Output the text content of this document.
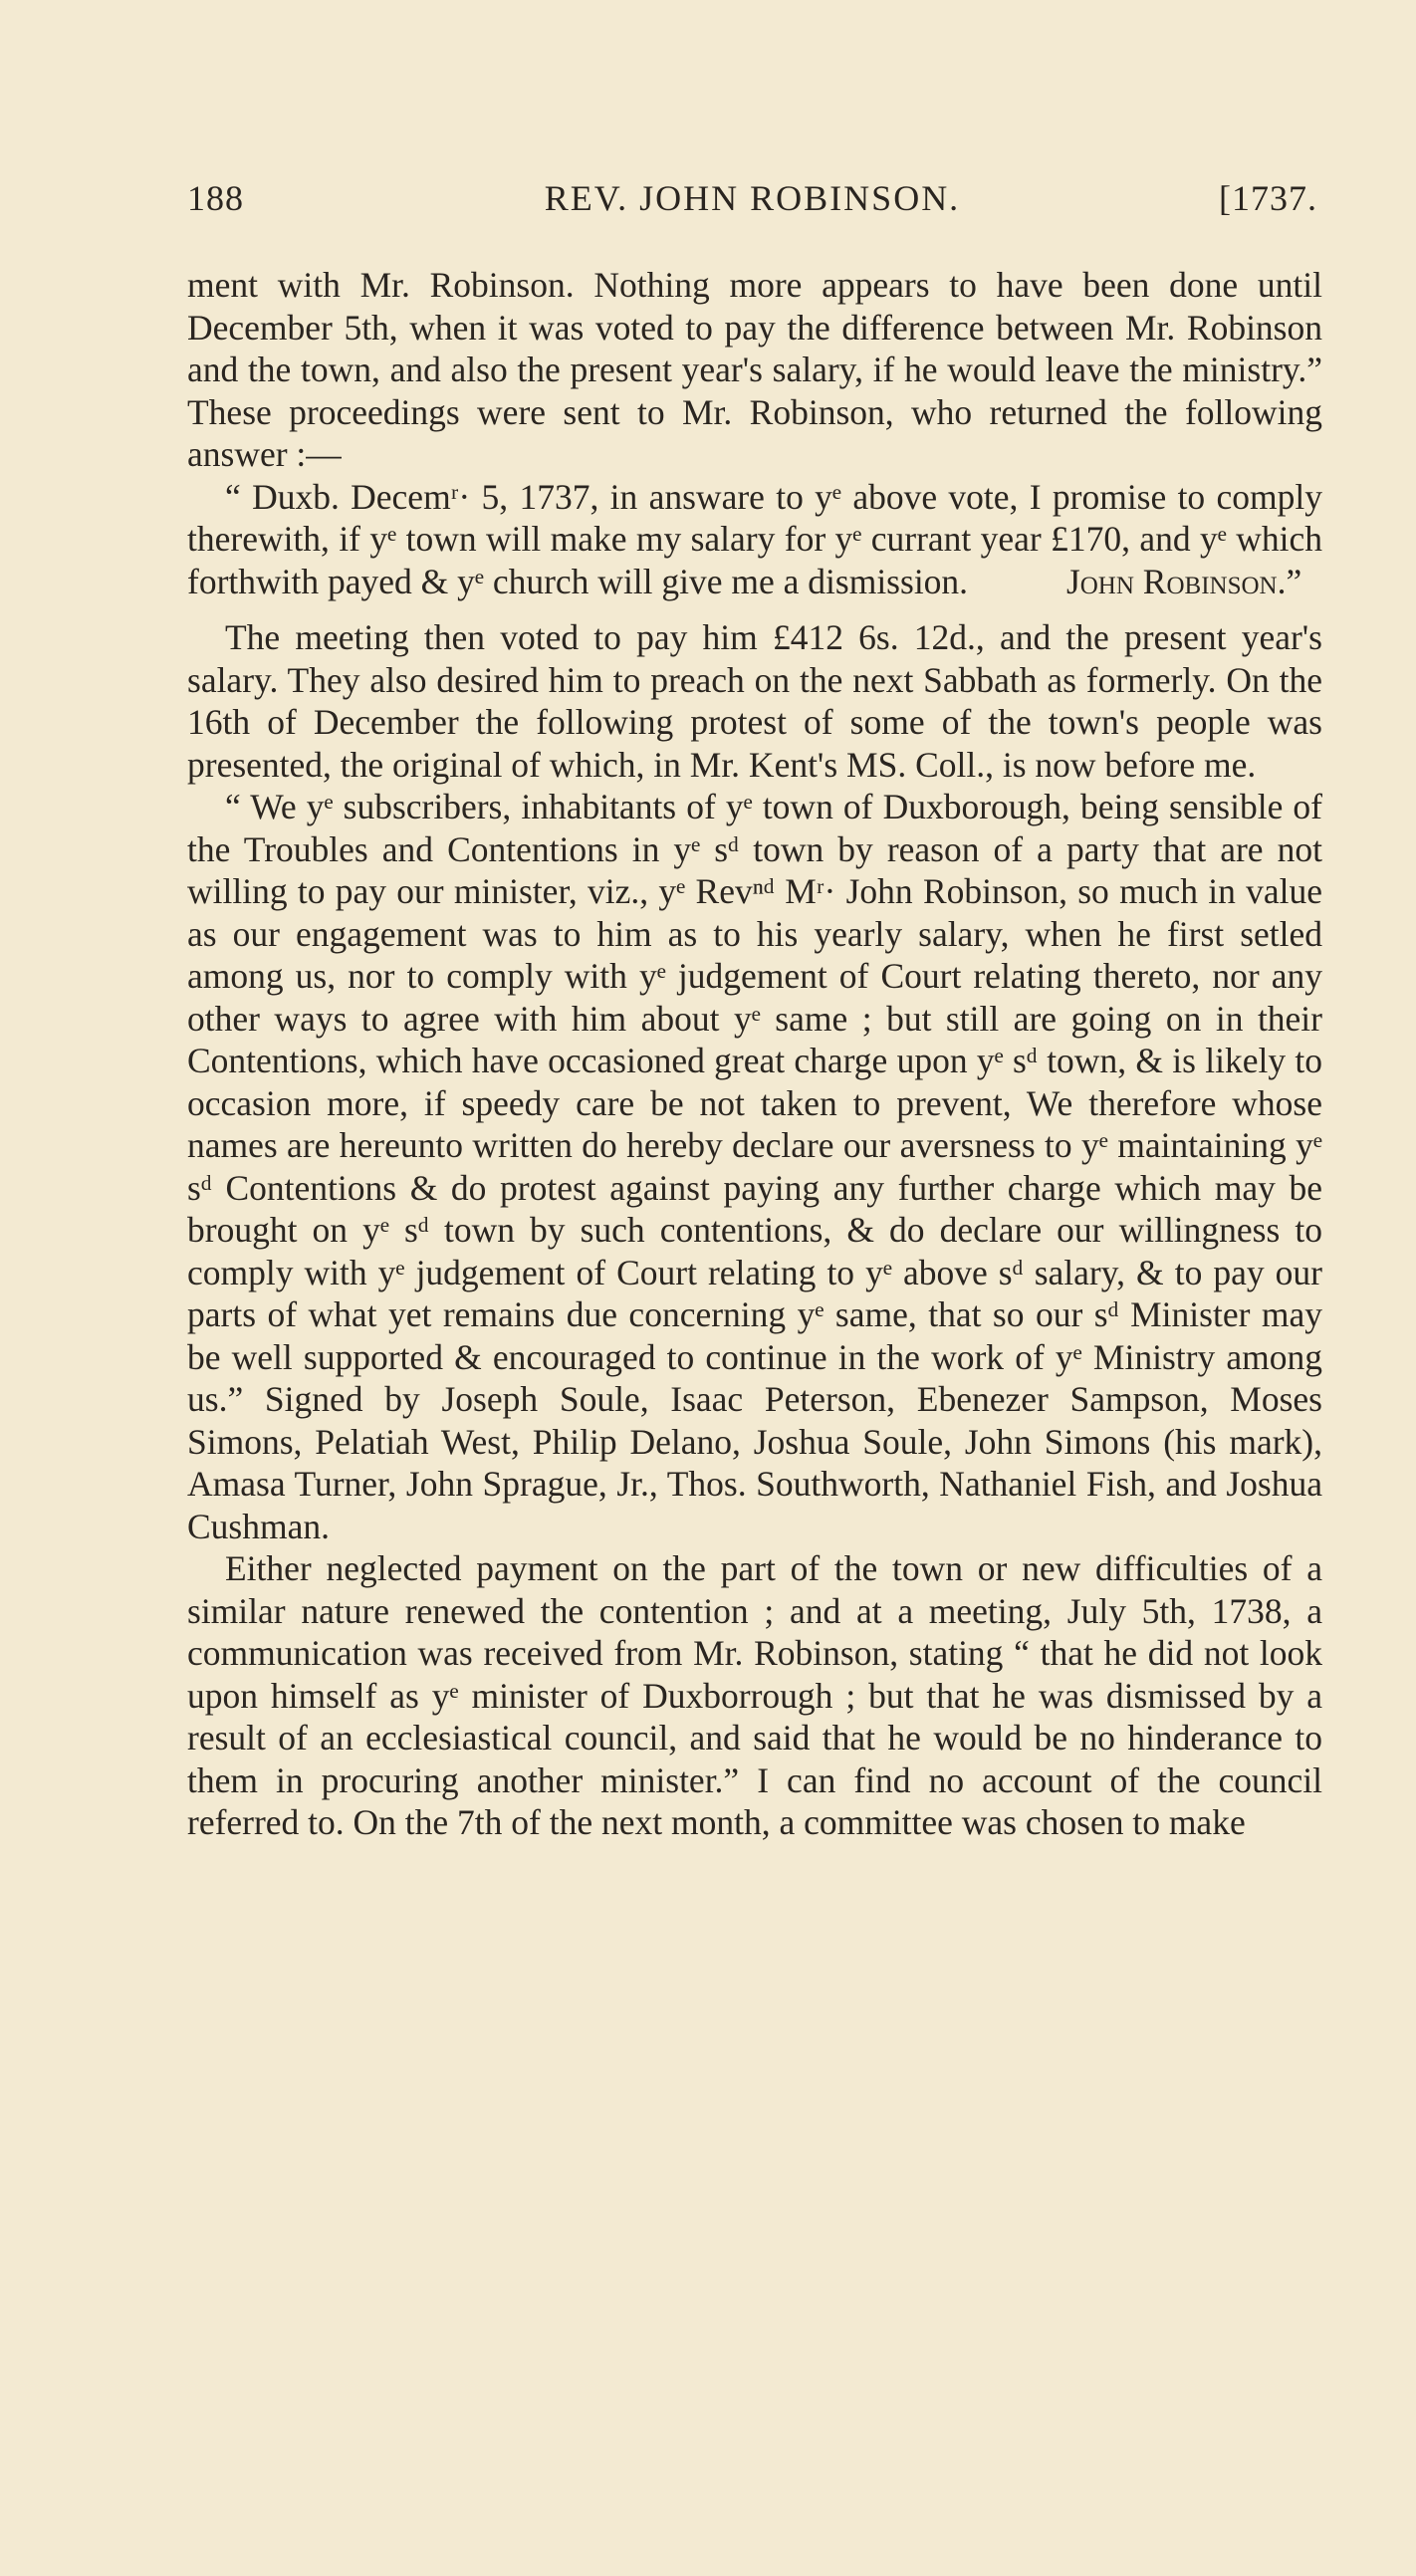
188	REV. JOHN ROBINSON.	[1737.

ment with Mr. Robinson. Nothing more appears to have been done until December 5th, when it was voted to pay the difference between Mr. Robinson and the town, and also the present year's salary, if he would leave the ministry.” These proceedings were sent to Mr. Robinson, who returned the following answer :—

“ Duxb. Decemʳ· 5, 1737, in answare to yᵉ above vote, I promise to comply therewith, if yᵉ town will make my salary for yᵉ currant year £170, and yᵉ which forthwith payed & yᵉ church will give me a dismission.	John Robinson.”

The meeting then voted to pay him £412 6s. 12d., and the present year's salary. They also desired him to preach on the next Sabbath as formerly. On the 16th of December the following protest of some of the town's people was presented, the original of which, in Mr. Kent's MS. Coll., is now before me.

“ We yᵉ subscribers, inhabitants of yᵉ town of Duxborough, being sensible of the Troubles and Contentions in yᵉ sᵈ town by reason of a party that are not willing to pay our minister, viz., yᵉ Revⁿᵈ Mʳ· John Robinson, so much in value as our engagement was to him as to his yearly salary, when he first setled among us, nor to comply with yᵉ judgement of Court relating thereto, nor any other ways to agree with him about yᵉ same ; but still are going on in their Contentions, which have occasioned great charge upon yᵉ sᵈ town, & is likely to occasion more, if speedy care be not taken to prevent, We therefore whose names are hereunto written do hereby declare our aversness to yᵉ maintaining yᵉ sᵈ Contentions & do protest against paying any further charge which may be brought on yᵉ sᵈ town by such contentions, & do declare our willingness to comply with yᵉ judgement of Court relating to yᵉ above sᵈ salary, & to pay our parts of what yet remains due concerning yᵉ same, that so our sᵈ Minister may be well supported & encouraged to continue in the work of yᵉ Ministry among us.” Signed by Joseph Soule, Isaac Peterson, Ebenezer Sampson, Moses Simons, Pelatiah West, Philip Delano, Joshua Soule, John Simons (his mark), Amasa Turner, John Sprague, Jr., Thos. Southworth, Nathaniel Fish, and Joshua Cushman.

Either neglected payment on the part of the town or new difficulties of a similar nature renewed the contention ; and at a meeting, July 5th, 1738, a communication was received from Mr. Robinson, stating “ that he did not look upon himself as yᵉ minister of Duxborrough ; but that he was dismissed by a result of an ecclesiastical council, and said that he would be no hinderance to them in procuring another minister.” I can find no account of the council referred to. On the 7th of the next month, a committee was chosen to make
